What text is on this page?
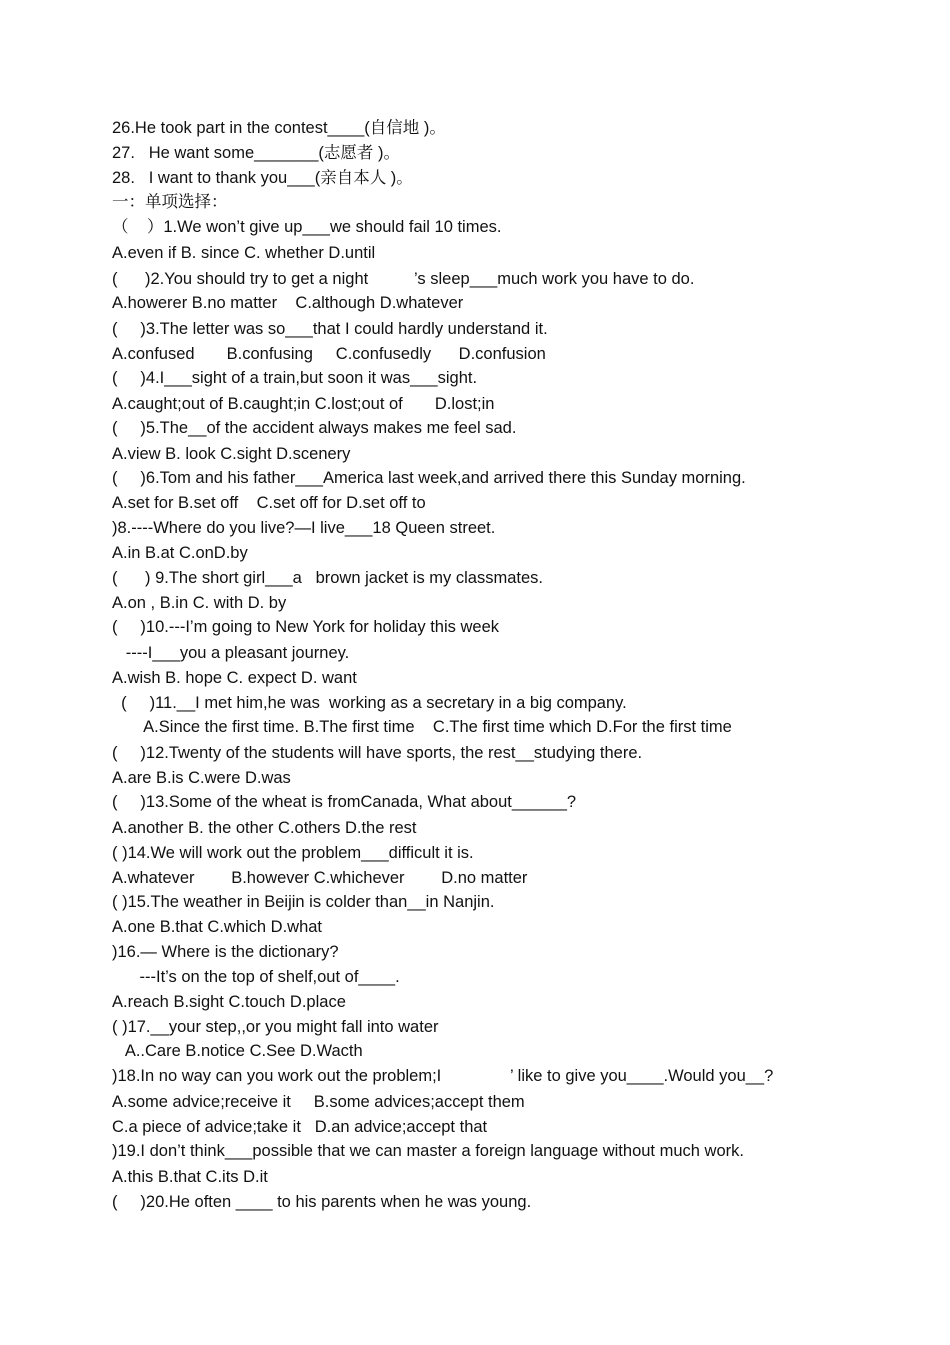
26.He took part in the contest____(自信地 )。
27.   He want some_______(志愿者 )。
28.   I want to thank you___(亲自本人 )。
一：单项选择：
（    ）1.We won’t give up___we should fail 10 times.
A.even if B. since C. whether D.until
(      )2.You should try to get a night          ’s sleep___much work you have to do.
A.howerer B.no matter    C.although D.whatever
(     )3.The letter was so___that I could hardly understand it.
A.confused       B.confusing     C.confusedly      D.confusion
(     )4.I___sight of a train,but soon it was___sight.
A.caught;out of B.caught;in C.lost;out of       D.lost;in
(     )5.The__of the accident always makes me feel sad.
A.view B. look C.sight D.scenery
(     )6.Tom and his father___America last week,and arrived there this Sunday morning.
A.set for B.set off    C.set off for D.set off to
)8.----Where do you live?—I live___18 Queen street.
A.in B.at C.onD.by
(      ) 9.The short girl___a   brown jacket is my classmates.
A.on , B.in C. with D. by
(     )10.---I’m going to New York for holiday this week
----I___you a pleasant journey.
A.wish B. hope C. expect D. want
(     )11.__I met him,he was  working as a secretary in a big company.
A.Since the first time. B.The first time    C.The first time which D.For the first time
(     )12.Twenty of the students will have sports, the rest__studying there.
A.are B.is C.were D.was
(     )13.Some of the wheat is fromCanada, What about______?
A.another B. the other C.others D.the rest
( )14.We will work out the problem___difficult it is.
A.whatever        B.however C.whichever        D.no matter
( )15.The weather in Beijin is colder than__in Nanjin.
A.one B.that C.which D.what
)16.— Where is the dictionary?
---It’s on the top of shelf,out of____.
A.reach B.sight C.touch D.place
( )17.__your step,,or you might fall into water
A..Care B.notice C.See D.Wacth
)18.In no way can you work out the problem;I               ’ like to give you____.Would you__?
A.some advice;receive it     B.some advices;accept them
C.a piece of advice;take it   D.an advice;accept that
)19.I don’t think___possible that we can master a foreign language without much work.
A.this B.that C.its D.it
(     )20.He often ____ to his parents when he was young.
